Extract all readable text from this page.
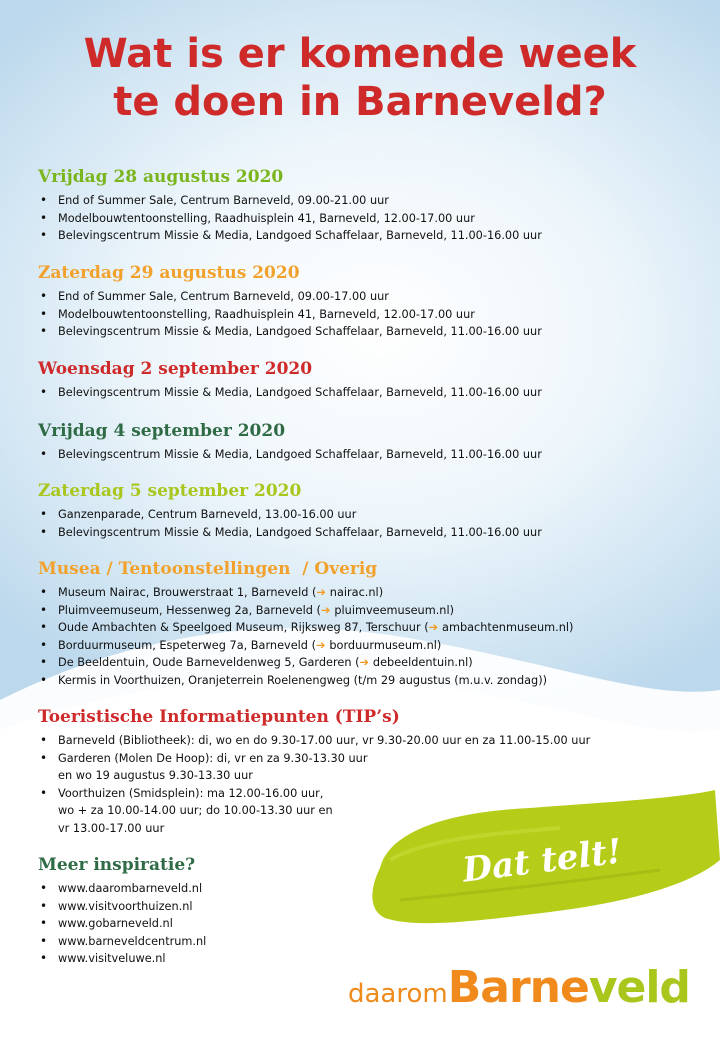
Wat is er komende week
te doen in Barneveld?
Vrijdag 28 augustus 2020
• End of Summer Sale, Centrum Barneveld, 09.00-21.00 uur
• Modelbouwtentoonstelling, Raadhuisplein 41, Barneveld, 12.00-17.00 uur
• Belevingscentrum Missie & Media, Landgoed Schaffelaar, Barneveld, 11.00-16.00 uur
Zaterdag 29 augustus 2020
• End of Summer Sale, Centrum Barneveld, 09.00-17.00 uur
• Modelbouwtentoonstelling, Raadhuisplein 41, Barneveld, 12.00-17.00 uur
• Belevingscentrum Missie & Media, Landgoed Schaffelaar, Barneveld, 11.00-16.00 uur
Woensdag 2 september 2020
• Belevingscentrum Missie & Media, Landgoed Schaffelaar, Barneveld, 11.00-16.00 uur
Vrijdag 4 september 2020
• Belevingscentrum Missie & Media, Landgoed Schaffelaar, Barneveld, 11.00-16.00 uur
Zaterdag 5 september 2020
• Ganzenparade, Centrum Barneveld, 13.00-16.00 uur
• Belevingscentrum Missie & Media, Landgoed Schaffelaar, Barneveld, 11.00-16.00 uur
Musea / Tentoonstellingen  / Overig
• Museum Nairac, Brouwerstraat 1, Barneveld (➔ nairac.nl)
• Pluimveemuseum, Hessenweg 2a, Barneveld (➔ pluimveemuseum.nl)
• Oude Ambachten & Speelgoed Museum, Rijksweg 87, Terschuur (➔ ambachtenmuseum.nl)
• Borduurmuseum, Espeterweg 7a, Barneveld (➔ borduurmuseum.nl)
• De Beeldentuin, Oude Barneveldenweg 5, Garderen (➔ debeeldentuin.nl)
• Kermis in Voorthuizen, Oranjeterrein Roelenengweg (t/m 29 augustus (m.u.v. zondag))
Toeristische Informatiepunten (TIP’s)
• Barneveld (Bibliotheek): di, wo en do 9.30-17.00 uur, vr 9.30-20.00 uur en za 11.00-15.00 uur
• Garderen (Molen De Hoop): di, vr en za 9.30-13.30 uur
en wo 19 augustus 9.30-13.30 uur
• Voorthuizen (Smidsplein): ma 12.00-16.00 uur,
wo + za 10.00-14.00 uur; do 10.00-13.30 uur en
vr 13.00-17.00 uur
Meer inspiratie?
• www.daarombarneveld.nl
• www.visitvoorthuizen.nl
• www.gobarneveld.nl
• www.barneveldcentrum.nl
• www.visitveluwe.nl
Dat telt!
daaromBarneveld
